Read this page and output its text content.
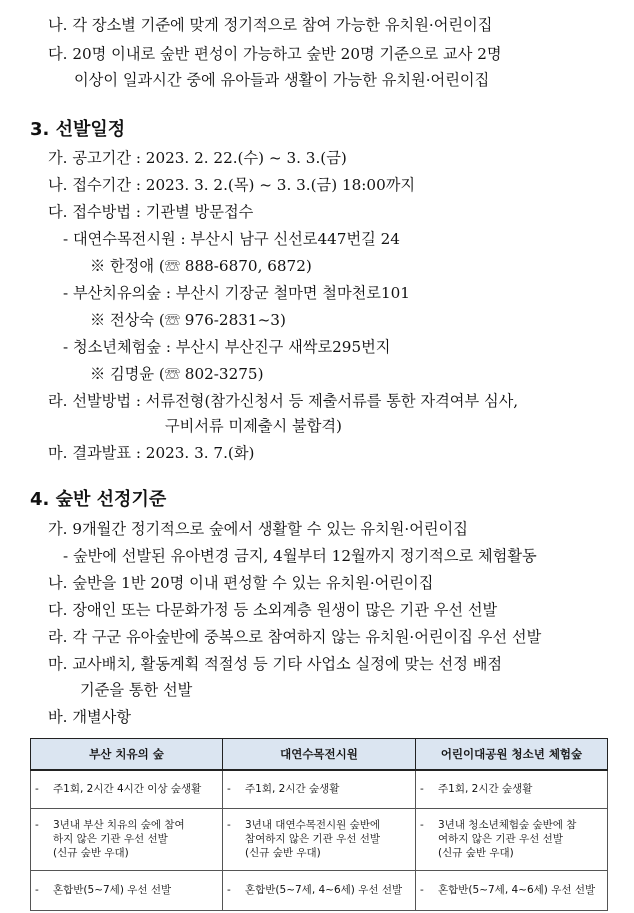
나. 각 장소별 기준에 맞게 정기적으로 참여 가능한 유치원·어린이집
다. 20명 이내로 숲반 편성이 가능하고 숲반 20명 기준으로 교사 2명
이상이 일과시간 중에 유아들과 생활이 가능한 유치원·어린이집
3. 선발일정
가. 공고기간 : 2023. 2. 22.(수) ~ 3. 3.(금)
나. 접수기간 : 2023. 3. 2.(목) ~ 3. 3.(금) 18:00까지
다. 접수방법 : 기관별 방문접수
- 대연수목전시원 : 부산시 남구 신선로447번길 24
※ 한정애 (☏ 888-6870, 6872)
- 부산치유의숲 : 부산시 기장군 철마면 철마천로101
※ 전상숙 (☏ 976-2831~3)
- 청소년체험숲 : 부산시 부산진구 새싹로295번지
※ 김명윤 (☏ 802-3275)
라. 선발방법 : 서류전형(참가신청서 등 제출서류를 통한 자격여부 심사,
구비서류 미제출시 불합격)
마. 결과발표 : 2023. 3. 7.(화)
4. 숲반 선정기준
가. 9개월간 정기적으로 숲에서 생활할 수 있는 유치원·어린이집
- 숲반에 선발된 유아변경 금지, 4월부터 12월까지 정기적으로 체험활동
나. 숲반을 1반 20명 이내 편성할 수 있는 유치원·어린이집
다. 장애인 또는 다문화가정 등 소외계층 원생이 많은 기관 우선 선발
라. 각 구군 유아숲반에 중복으로 참여하지 않는 유치원·어린이집 우선 선발
마. 교사배치, 활동계획 적절성 등 기타 사업소 실정에 맞는 선정 배점
기준을 통한 선발
바. 개별사항
부산 치유의 숲	대연수목전시원	어린이대공원 청소년 체험숲

- 주1회, 2시간 4시간 이상 숲생활	- 주1회, 2시간 숲생활	- 주1회, 2시간 숲생활

- 3년내 부산 치유의 숲에 참여
하지 않은 기관 우선 선발
(신규 숲반 우대)	- 3년내 대연수목전시원 숲반에
참여하지 않은 기관 우선 선발
(신규 숲반 우대)	- 3년내 청소년체험숲 숲반에 참
여하지 않은 기관 우선 선발
(신규 숲반 우대)

- 혼합반(5~7세) 우선 선발	- 혼합반(5~7세, 4~6세) 우선 선발	- 혼합반(5~7세, 4~6세) 우선 선발
